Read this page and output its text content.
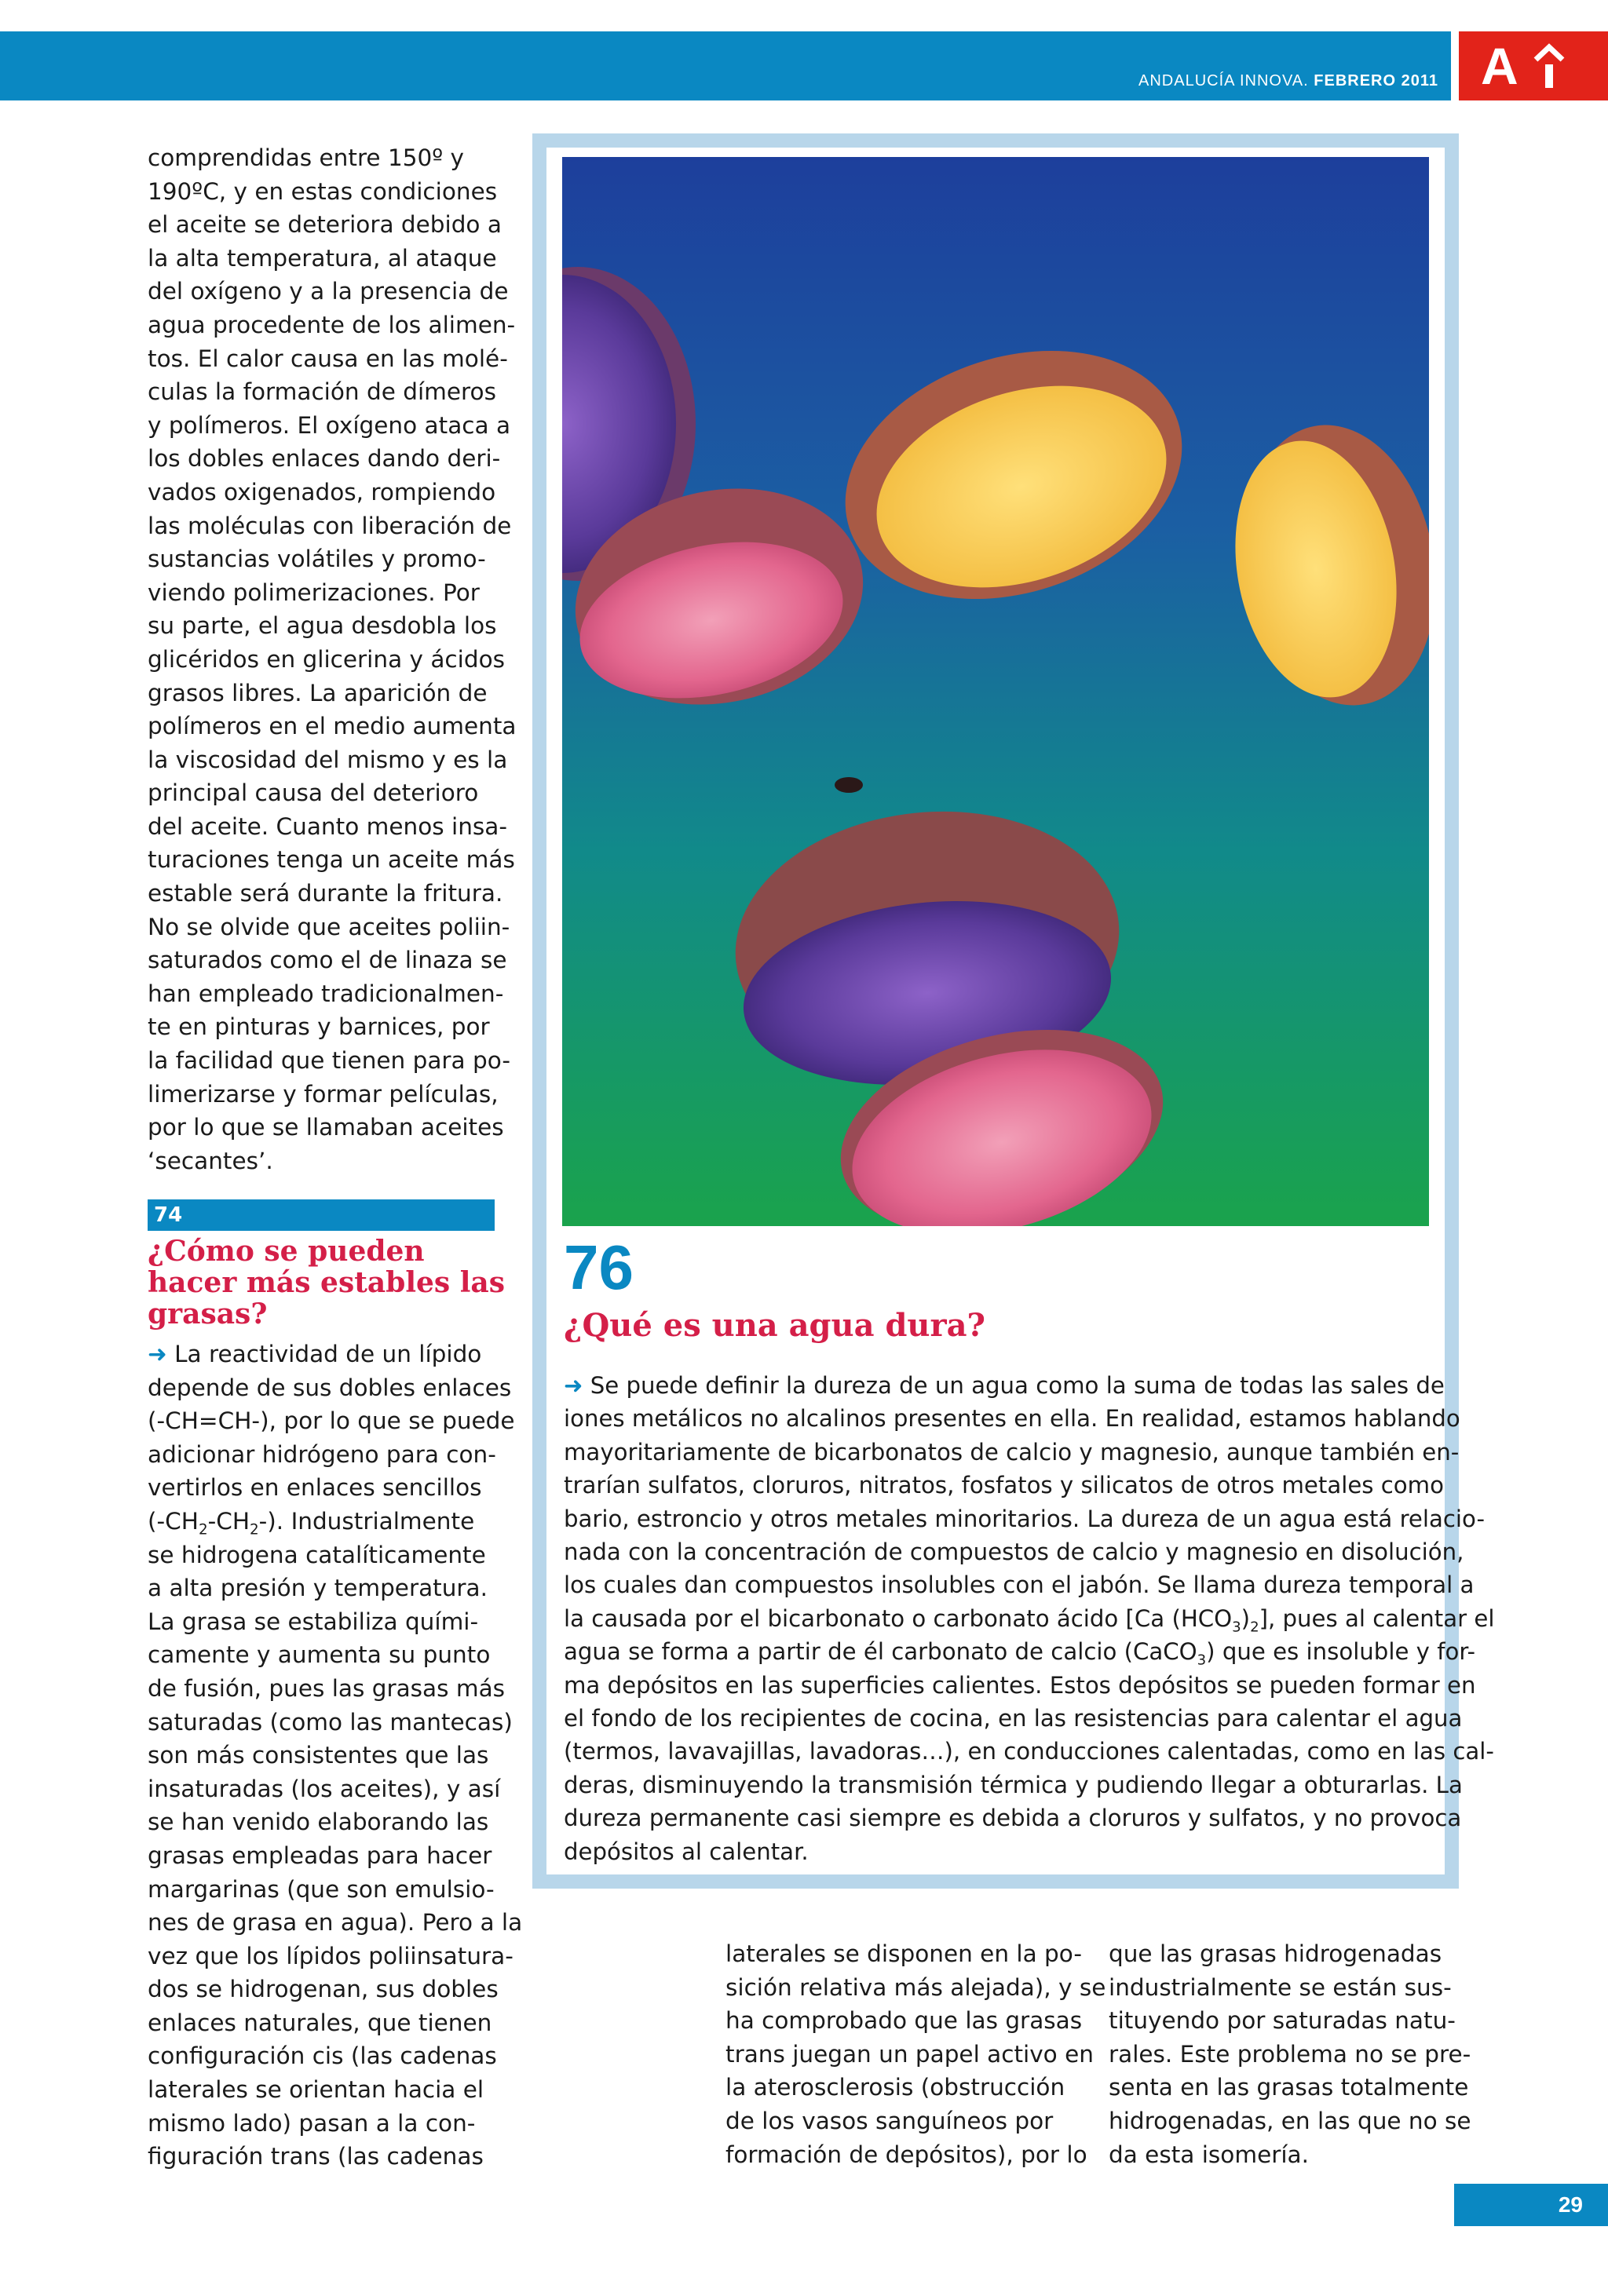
ANDALUCÍA INNOVA. FEBRERO 2011 A
comprendidas entre 150º y
190ºC, y en estas condiciones
el aceite se deteriora debido a
la alta temperatura, al ataque
del oxígeno y a la presencia de
agua procedente de los alimen-
tos. El calor causa en las molé-
culas la formación de dímeros
y polímeros. El oxígeno ataca a
los dobles enlaces dando deri-
vados oxigenados, rompiendo
las moléculas con liberación de
sustancias volátiles y promo-
viendo polimerizaciones. Por
su parte, el agua desdobla los
glicéridos en glicerina y ácidos
grasos libres. La aparición de
polímeros en el medio aumenta
la viscosidad del mismo y es la
principal causa del deterioro
del aceite. Cuanto menos insa-
turaciones tenga un aceite más
estable será durante la fritura.
No se olvide que aceites poliin-
saturados como el de linaza se
han empleado tradicionalmen-
te en pinturas y barnices, por
la facilidad que tienen para po-
limerizarse y formar películas,
por lo que se llamaban aceites
‘secantes’.
74
¿Cómo se pueden
hacer más estables las
grasas?
➜ La reactividad de un lípido
depende de sus dobles enlaces
(-CH=CH-), por lo que se puede
adicionar hidrógeno para con-
vertirlos en enlaces sencillos
$(-CH_2-CH_2-)$. Industrialmente
se hidrogena catalíticamente
a alta presión y temperatura.
La grasa se estabiliza quími-
camente y aumenta su punto
de fusión, pues las grasas más
saturadas (como las mantecas)
son más consistentes que las
insaturadas (los aceites), y así
se han venido elaborando las
grasas empleadas para hacer
margarinas (que son emulsio-
nes de grasa en agua). Pero a la
vez que los lípidos poliinsatura-
dos se hidrogenan, sus dobles
enlaces naturales, que tienen
configuración cis (las cadenas
laterales se orientan hacia el
mismo lado) pasan a la con-
figuración trans (las cadenas
76
¿Qué es una agua dura?
➜ Se puede definir la dureza de un agua como la suma de todas las sales de
iones metálicos no alcalinos presentes en ella. En realidad, estamos hablando
mayoritariamente de bicarbonatos de calcio y magnesio, aunque también en-
trarían sulfatos, cloruros, nitratos, fosfatos y silicatos de otros metales como
bario, estroncio y otros metales minoritarios. La dureza de un agua está relacio-
nada con la concentración de compuestos de calcio y magnesio en disolución,
los cuales dan compuestos insolubles con el jabón. Se llama dureza temporal a
la causada por el bicarbonato o carbonato ácido [Ca $(HCO_3)_2$], pues al calentar el
agua se forma a partir de él carbonato de calcio (CaCO$_3$) que es insoluble y for-
ma depósitos en las superficies calientes. Estos depósitos se pueden formar en
el fondo de los recipientes de cocina, en las resistencias para calentar el agua
(termos, lavavajillas, lavadoras…), en conducciones calentadas, como en las cal-
deras, disminuyendo la transmisión térmica y pudiendo llegar a obturarlas. La
dureza permanente casi siempre es debida a cloruros y sulfatos, y no provoca
depósitos al calentar.
laterales se disponen en la po-
sición relativa más alejada), y se
ha comprobado que las grasas
trans juegan un papel activo en
la aterosclerosis (obstrucción
de los vasos sanguíneos por
formación de depósitos), por lo
que las grasas hidrogenadas
industrialmente se están sus-
tituyendo por saturadas natu-
rales. Este problema no se pre-
senta en las grasas totalmente
hidrogenadas, en las que no se
da esta isomería.
29
